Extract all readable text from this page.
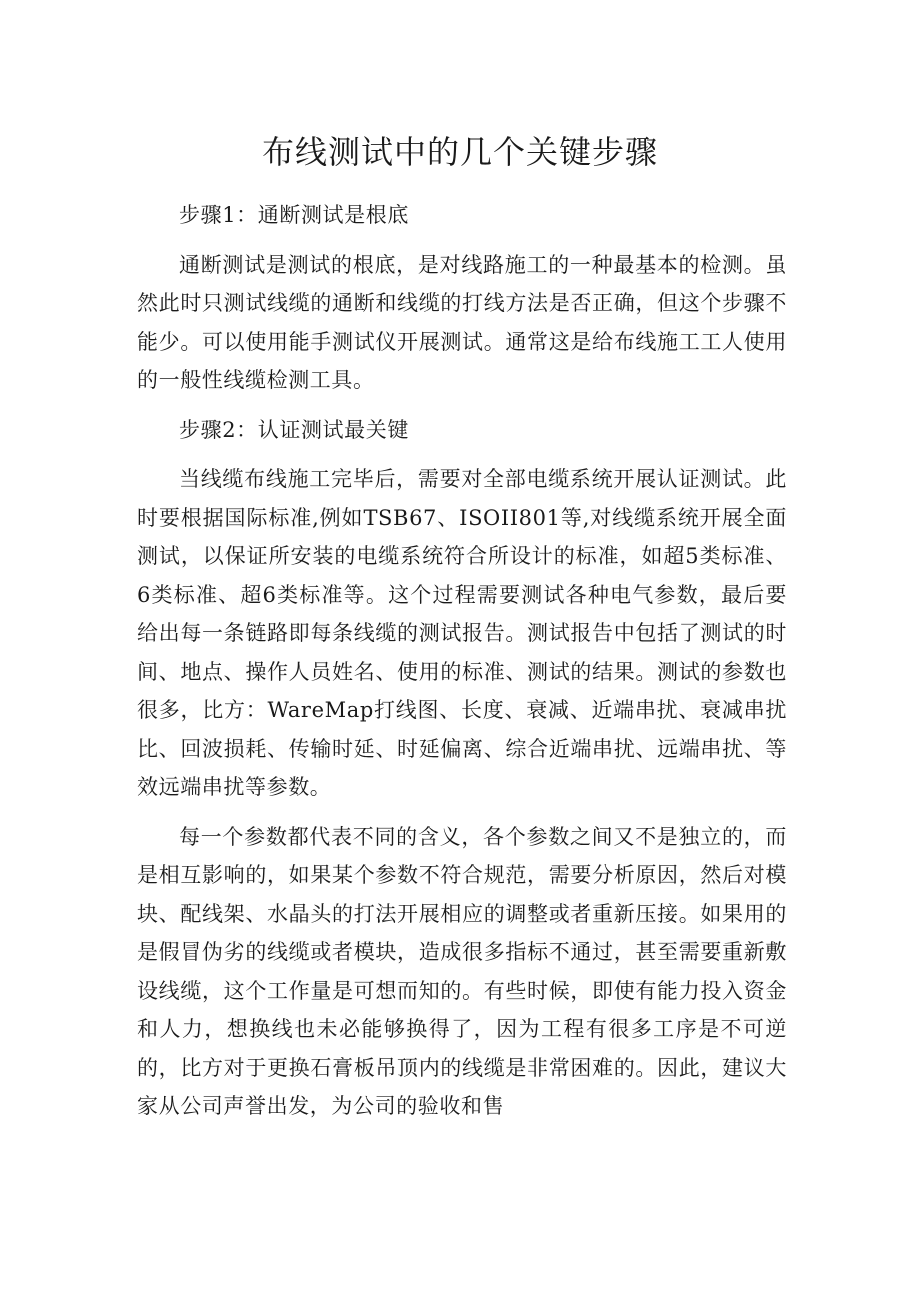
布线测试中的几个关键步骤

步骤1：通断测试是根底

通断测试是测试的根底，是对线路施工的一种最基本的检测。虽然此时只测试线缆的通断和线缆的打线方法是否正确，但这个步骤不能少。可以使用能手测试仪开展测试。通常这是给布线施工工人使用的一般性线缆检测工具。

步骤2：认证测试最关键

当线缆布线施工完毕后，需要对全部电缆系统开展认证测试。此时要根据国际标准,例如TSB67、ISOII801等,对线缆系统开展全面测试，以保证所安装的电缆系统符合所设计的标准，如超5类标准、6类标准、超6类标准等。这个过程需要测试各种电气参数，最后要给出每一条链路即每条线缆的测试报告。测试报告中包括了测试的时间、地点、操作人员姓名、使用的标准、测试的结果。测试的参数也很多，比方：WareMap打线图、长度、衰减、近端串扰、衰减串扰比、回波损耗、传输时延、时延偏离、综合近端串扰、远端串扰、等效远端串扰等参数。

每一个参数都代表不同的含义，各个参数之间又不是独立的，而是相互影响的，如果某个参数不符合规范，需要分析原因，然后对模块、配线架、水晶头的打法开展相应的调整或者重新压接。如果用的是假冒伪劣的线缆或者模块，造成很多指标不通过，甚至需要重新敷设线缆，这个工作量是可想而知的。有些时候，即使有能力投入资金和人力，想换线也未必能够换得了，因为工程有很多工序是不可逆的，比方对于更换石膏板吊顶内的线缆是非常困难的。因此，建议大家从公司声誉出发，为公司的验收和售
